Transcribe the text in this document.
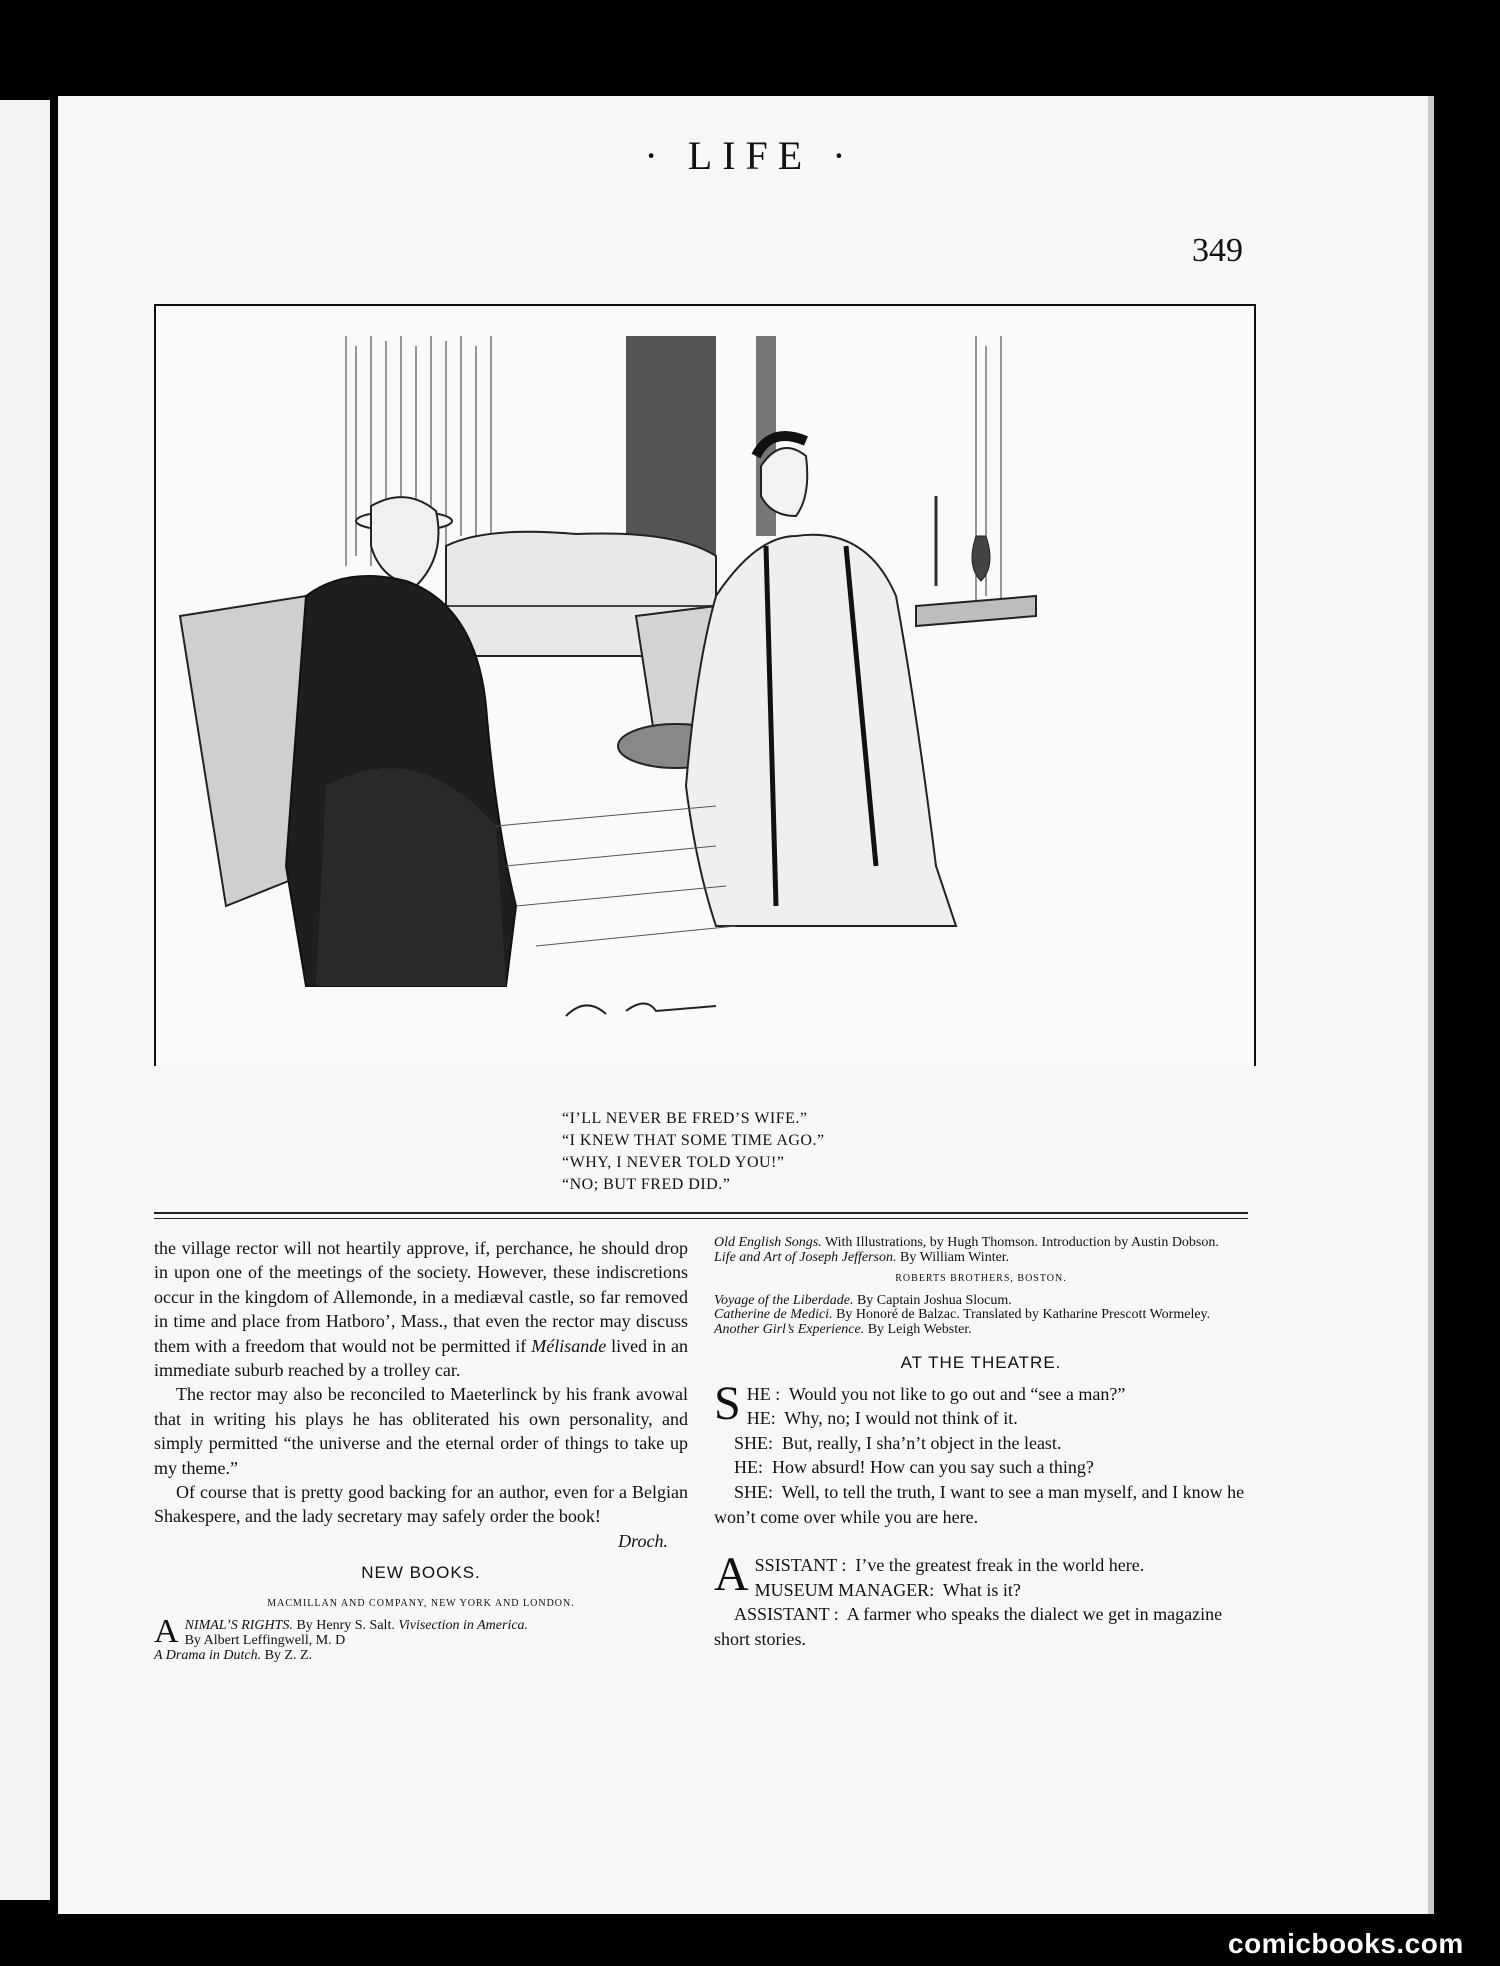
· LIFE ·
349
“I’LL NEVER BE FRED’S WIFE.”
“I KNEW THAT SOME TIME AGO.”
“WHY, I NEVER TOLD YOU!”
“NO; BUT FRED DID.”

the village rector will not heartily approve, if, perchance, he should drop in upon one of the meetings of the society. However, these indiscretions occur in the kingdom of Allemonde, in a mediæval castle, so far removed in time and place from Hatboro’, Mass., that even the rector may discuss them with a freedom that would not be permitted if Mélisande lived in an immediate suburb reached by a trolley car.

The rector may also be reconciled to Maeterlinck by his frank avowal that in writing his plays he has obliterated his own personality, and simply permitted “the universe and the eternal order of things to take up my theme.”

Of course that is pretty good backing for an author, even for a Belgian Shakespere, and the lady secretary may safely order the book!

Droch.
NEW BOOKS.
MACMILLAN AND COMPANY, NEW YORK AND LONDON.
ANIMAL’S RIGHTS. By Henry S. Salt. Vivisection in America.
By Albert Leffingwell, M. D
A Drama in Dutch. By Z. Z.
Old English Songs. With Illustrations, by Hugh Thomson. Introduction by Austin Dobson.
Life and Art of Joseph Jefferson. By William Winter.
ROBERTS BROTHERS, BOSTON.
Voyage of the Liberdade. By Captain Joshua Slocum.
Catherine de Medici. By Honoré de Balzac. Translated by Katharine Prescott Wormeley.
Another Girl’s Experience. By Leigh Webster.
AT THE THEATRE.

SHE : Would you not like to go out and “see a man?”

HE: Why, no; I would not think of it.

SHE: But, really, I sha’n’t object in the least.

HE: How absurd! How can you say such a thing?

SHE: Well, to tell the truth, I want to see a man myself, and I know he won’t come over while you are here.

ASSISTANT : I’ve the greatest freak in the world here.

MUSEUM MANAGER: What is it?

ASSISTANT : A farmer who speaks the dialect we get in magazine short stories.

comicbooks.com
